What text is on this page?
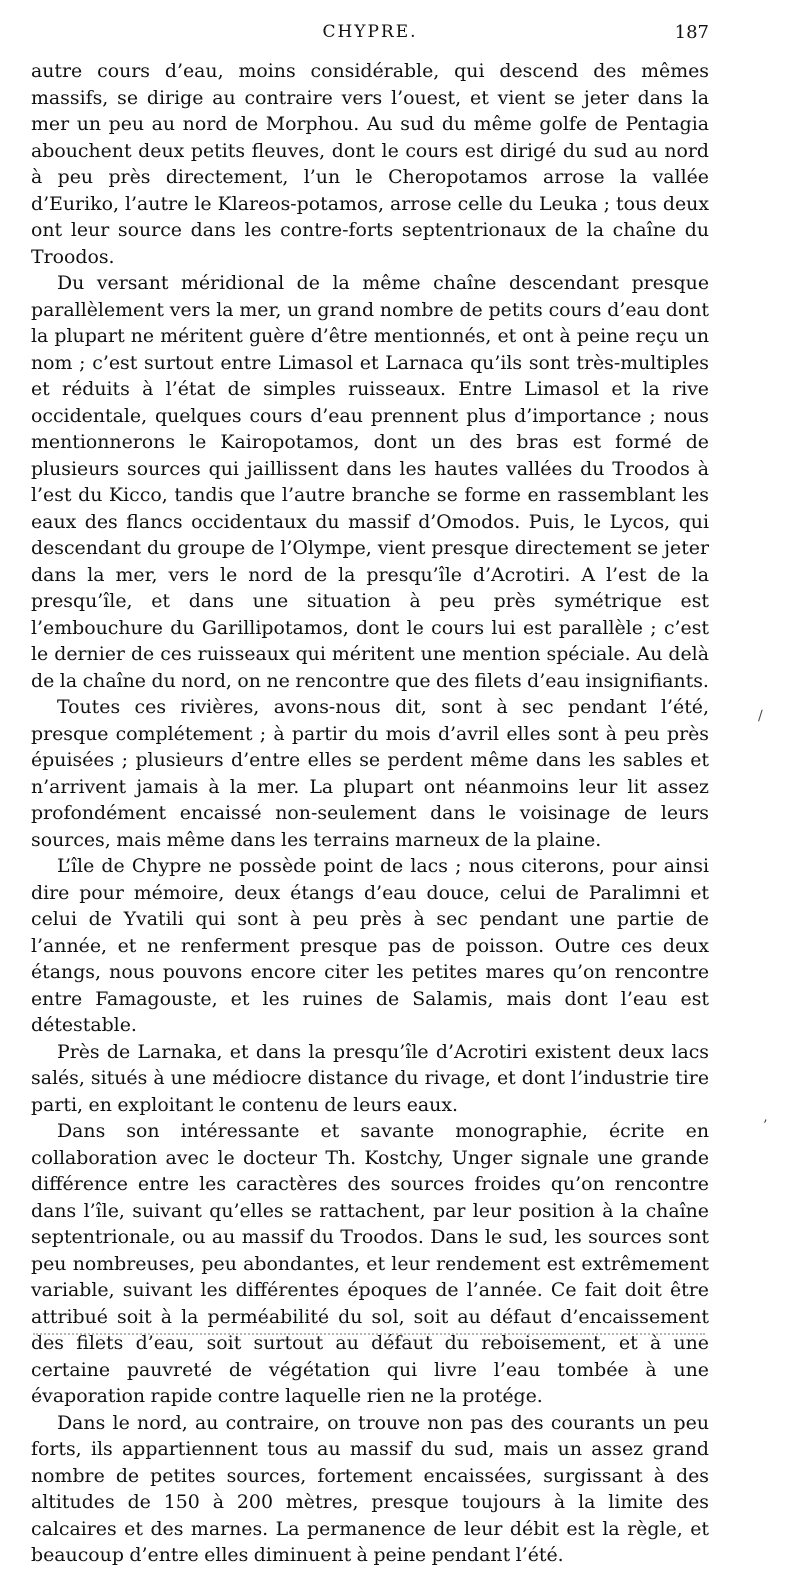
CHYPRE.	187

autre cours d’eau, moins considérable, qui descend des mêmes massifs, se dirige au contraire vers l’ouest, et vient se jeter dans la mer un peu au nord de Morphou. Au sud du même golfe de Pentagia abouchent deux petits fleuves, dont le cours est dirigé du sud au nord à peu près directement, l’un le Cheropotamos arrose la vallée d’Euriko, l’autre le Klareos-potamos, arrose celle du Leuka ; tous deux ont leur source dans les contre-forts septentrionaux de la chaîne du Troodos.

Du versant méridional de la même chaîne descendant presque parallèlement vers la mer, un grand nombre de petits cours d’eau dont la plupart ne méritent guère d’être mentionnés, et ont à peine reçu un nom ; c’est surtout entre Limasol et Larnaca qu’ils sont très-multiples et réduits à l’état de simples ruisseaux. Entre Limasol et la rive occidentale, quelques cours d’eau prennent plus d’importance ; nous mentionnerons le Kairopotamos, dont un des bras est formé de plusieurs sources qui jaillissent dans les hautes vallées du Troodos à l’est du Kicco, tandis que l’autre branche se forme en rassemblant les eaux des flancs occidentaux du massif d’Omodos. Puis, le Lycos, qui descendant du groupe de l’Olympe, vient presque directement se jeter dans la mer, vers le nord de la presqu’île d’Acrotiri. A l’est de la presqu’île, et dans une situation à peu près symétrique est l’embouchure du Garillipotamos, dont le cours lui est parallèle ; c’est le dernier de ces ruisseaux qui méritent une mention spéciale. Au delà de la chaîne du nord, on ne rencontre que des filets d’eau insignifiants.

Toutes ces rivières, avons-nous dit, sont à sec pendant l’été, presque complétement ; à partir du mois d’avril elles sont à peu près épuisées ; plusieurs d’entre elles se perdent même dans les sables et n’arrivent jamais à la mer. La plupart ont néanmoins leur lit assez profondément encaissé non-seulement dans le voisinage de leurs sources, mais même dans les terrains marneux de la plaine.

L’île de Chypre ne possède point de lacs ; nous citerons, pour ainsi dire pour mémoire, deux étangs d’eau douce, celui de Paralimni et celui de Yvatili qui sont à peu près à sec pendant une partie de l’année, et ne renferment presque pas de poisson. Outre ces deux étangs, nous pouvons encore citer les petites mares qu’on rencontre entre Famagouste, et les ruines de Salamis, mais dont l’eau est détestable.

Près de Larnaka, et dans la presqu’île d’Acrotiri existent deux lacs salés, situés à une médiocre distance du rivage, et dont l’industrie tire parti, en exploitant le contenu de leurs eaux.

Dans son intéressante et savante monographie, écrite en collaboration avec le docteur Th. Kostchy, Unger signale une grande différence entre les caractères des sources froides qu’on rencontre dans l’île, suivant qu’elles se rattachent, par leur position à la chaîne septentrionale, ou au massif du Troodos. Dans le sud, les sources sont peu nombreuses, peu abondantes, et leur rendement est extrêmement variable, suivant les différentes époques de l’année. Ce fait doit être attribué soit à la perméabilité du sol, soit au défaut d’encaissement des filets d’eau, soit surtout au défaut du reboisement, et à une certaine pauvreté de végétation qui livre l’eau tombée à une évaporation rapide contre laquelle rien ne la protége.

Dans le nord, au contraire, on trouve non pas des courants un peu forts, ils appartiennent tous au massif du sud, mais un assez grand nombre de petites sources, fortement encaissées, surgissant à des altitudes de 150 à 200 mètres, presque toujours à la limite des calcaires et des marnes. La permanence de leur débit est la règle, et beaucoup d’entre elles diminuent à peine pendant l’été.

∕
’
